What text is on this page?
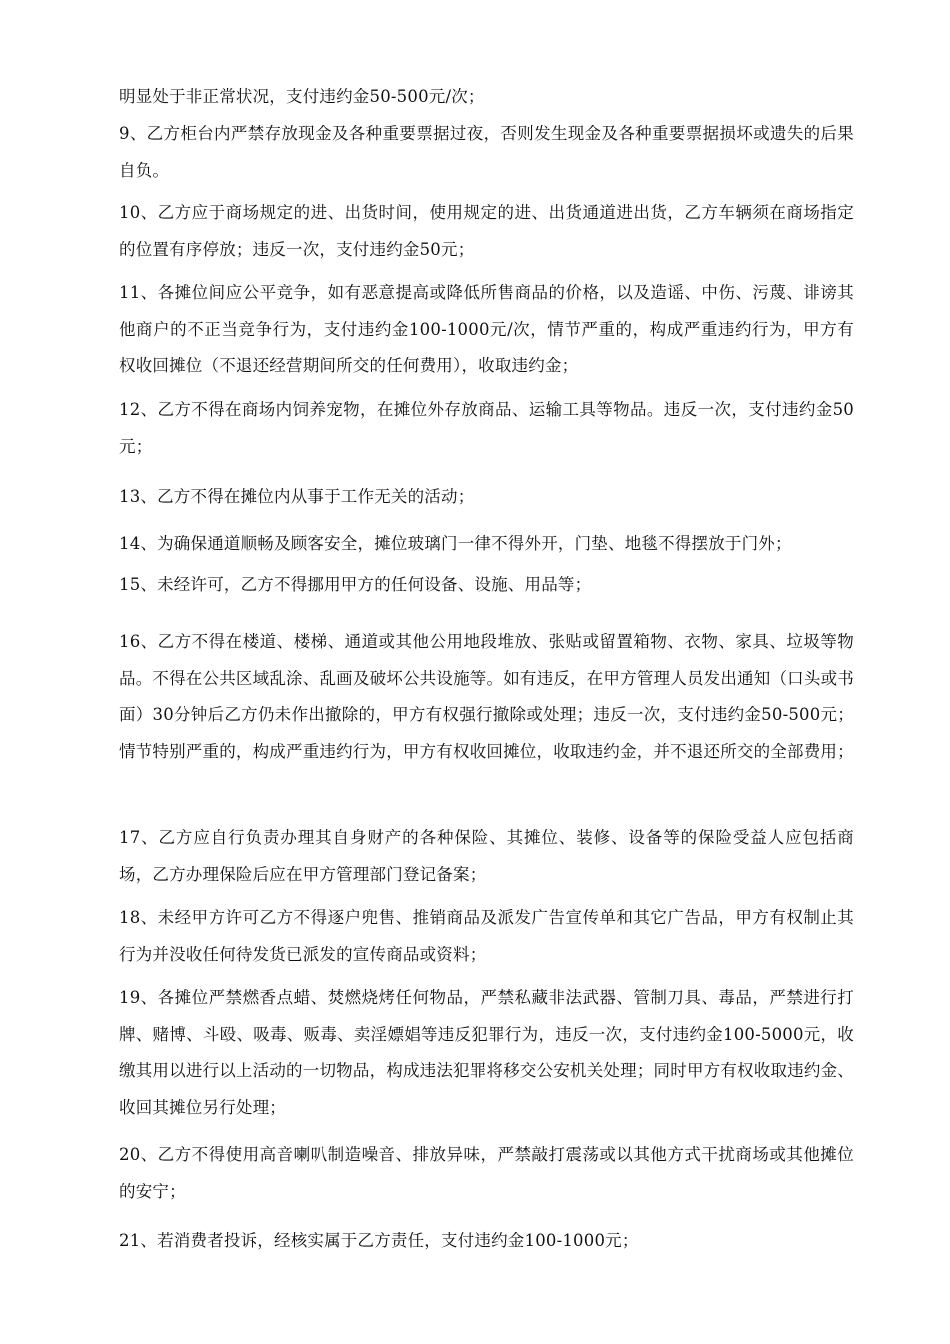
明显处于非正常状况，支付违约金50-500元/次；

9、乙方柜台内严禁存放现金及各种重要票据过夜，否则发生现金及各种重要票据损坏或遗失的后果自负。

10、乙方应于商场规定的进、出货时间，使用规定的进、出货通道进出货，乙方车辆须在商场指定的位置有序停放；违反一次，支付违约金50元；

11、各摊位间应公平竞争，如有恶意提高或降低所售商品的价格，以及造谣、中伤、污蔑、诽谤其他商户的不正当竞争行为，支付违约金100-1000元/次，情节严重的，构成严重违约行为，甲方有权收回摊位（不退还经营期间所交的任何费用），收取违约金；

12、乙方不得在商场内饲养宠物，在摊位外存放商品、运输工具等物品。违反一次，支付违约金50元；

13、乙方不得在摊位内从事于工作无关的活动；

14、为确保通道顺畅及顾客安全，摊位玻璃门一律不得外开，门垫、地毯不得摆放于门外；

15、未经许可，乙方不得挪用甲方的任何设备、设施、用品等；

16、乙方不得在楼道、楼梯、通道或其他公用地段堆放、张贴或留置箱物、衣物、家具、垃圾等物品。不得在公共区域乱涂、乱画及破坏公共设施等。如有违反，在甲方管理人员发出通知（口头或书面）30分钟后乙方仍未作出撤除的，甲方有权强行撤除或处理；违反一次，支付违约金50-500元；情节特别严重的，构成严重违约行为，甲方有权收回摊位，收取违约金，并不退还所交的全部费用；

17、乙方应自行负责办理其自身财产的各种保险、其摊位、装修、设备等的保险受益人应包括商场，乙方办理保险后应在甲方管理部门登记备案；

18、未经甲方许可乙方不得逐户兜售、推销商品及派发广告宣传单和其它广告品，甲方有权制止其行为并没收任何待发货已派发的宣传商品或资料；

19、各摊位严禁燃香点蜡、焚燃烧烤任何物品，严禁私藏非法武器、管制刀具、毒品，严禁进行打牌、赌博、斗殴、吸毒、贩毒、卖淫嫖娼等违反犯罪行为，违反一次，支付违约金100-5000元，收缴其用以进行以上活动的一切物品，构成违法犯罪将移交公安机关处理；同时甲方有权收取违约金、收回其摊位另行处理；

20、乙方不得使用高音喇叭制造噪音、排放异味，严禁敲打震荡或以其他方式干扰商场或其他摊位的安宁；

21、若消费者投诉，经核实属于乙方责任，支付违约金100-1000元；
